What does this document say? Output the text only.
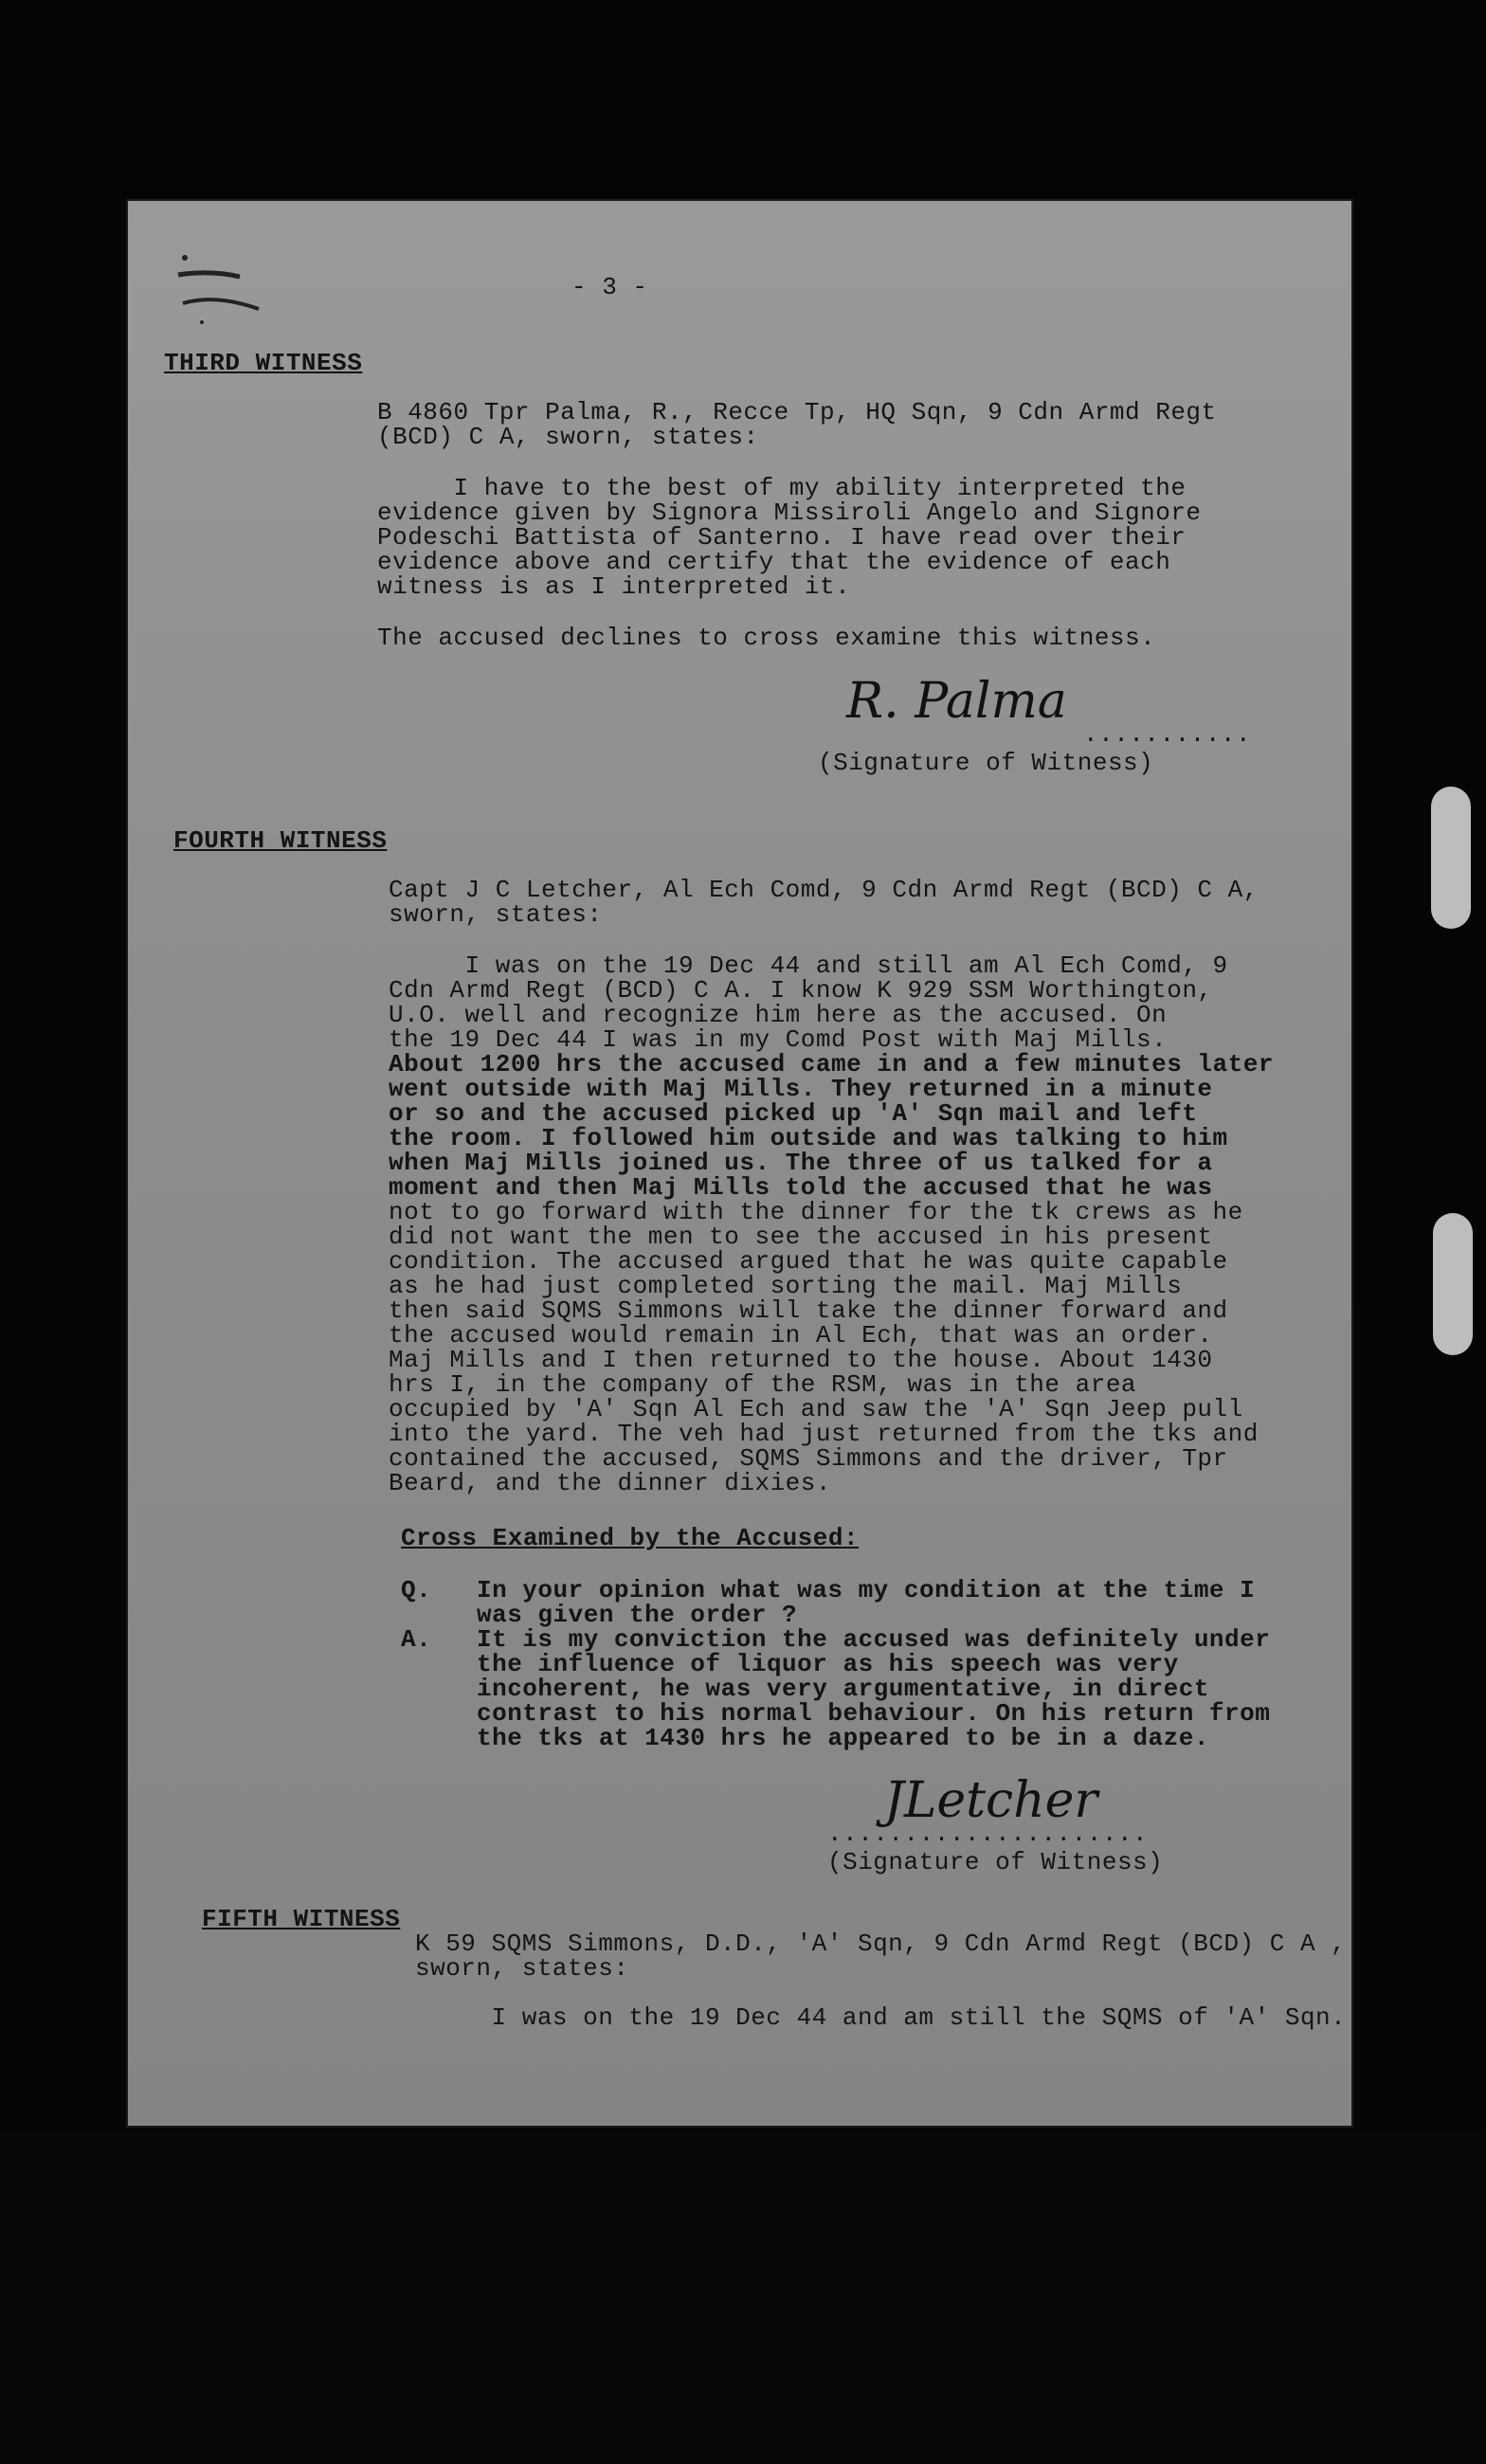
- 3 -
THIRD WITNESS
B 4860 Tpr Palma, R., Recce Tp, HQ Sqn, 9 Cdn Armd Regt
(BCD) C A, sworn, states:
I have to the best of my ability interpreted the
evidence given by Signora Missiroli Angelo and Signore
Podeschi Battista of Santerno. I have read over their
evidence above and certify that the evidence of each
witness is as I interpreted it.
The accused declines to cross examine this witness.
R. Palma
...........
(Signature of Witness)
FOURTH WITNESS
Capt J C Letcher, Al Ech Comd, 9 Cdn Armd Regt (BCD) C A,
sworn, states:
I was on the 19 Dec 44 and still am Al Ech Comd, 9
Cdn Armd Regt (BCD) C A. I know K 929 SSM Worthington,
U.O. well and recognize him here as the accused. On
the 19 Dec 44 I was in my Comd Post with Maj Mills.
About 1200 hrs the accused came in and a few minutes later
went outside with Maj Mills. They returned in a minute
or so and the accused picked up 'A' Sqn mail and left
the room. I followed him outside and was talking to him
when Maj Mills joined us. The three of us talked for a
moment and then Maj Mills told the accused that he was
not to go forward with the dinner for the tk crews as he
did not want the men to see the accused in his present
condition. The accused argued that he was quite capable
as he had just completed sorting the mail. Maj Mills
then said SQMS Simmons will take the dinner forward and
the accused would remain in Al Ech, that was an order.
Maj Mills and I then returned to the house. About 1430
hrs I, in the company of the RSM, was in the area
occupied by 'A' Sqn Al Ech and saw the 'A' Sqn Jeep pull
into the yard. The veh had just returned from the tks and
contained the accused, SQMS Simmons and the driver, Tpr
Beard, and the dinner dixies.
Cross Examined by the Accused:
Q. In your opinion what was my condition at the time I
was given the order ?
A. It is my conviction the accused was definitely under
the influence of liquor as his speech was very
incoherent, he was very argumentative, in direct
contrast to his normal behaviour. On his return from
the tks at 1430 hrs he appeared to be in a daze.
JLetcher
.....................
(Signature of Witness)
FIFTH WITNESS
K 59 SQMS Simmons, D.D., 'A' Sqn, 9 Cdn Armd Regt (BCD) C A ,
sworn, states:
I was on the 19 Dec 44 and am still the SQMS of 'A' Sqn.
